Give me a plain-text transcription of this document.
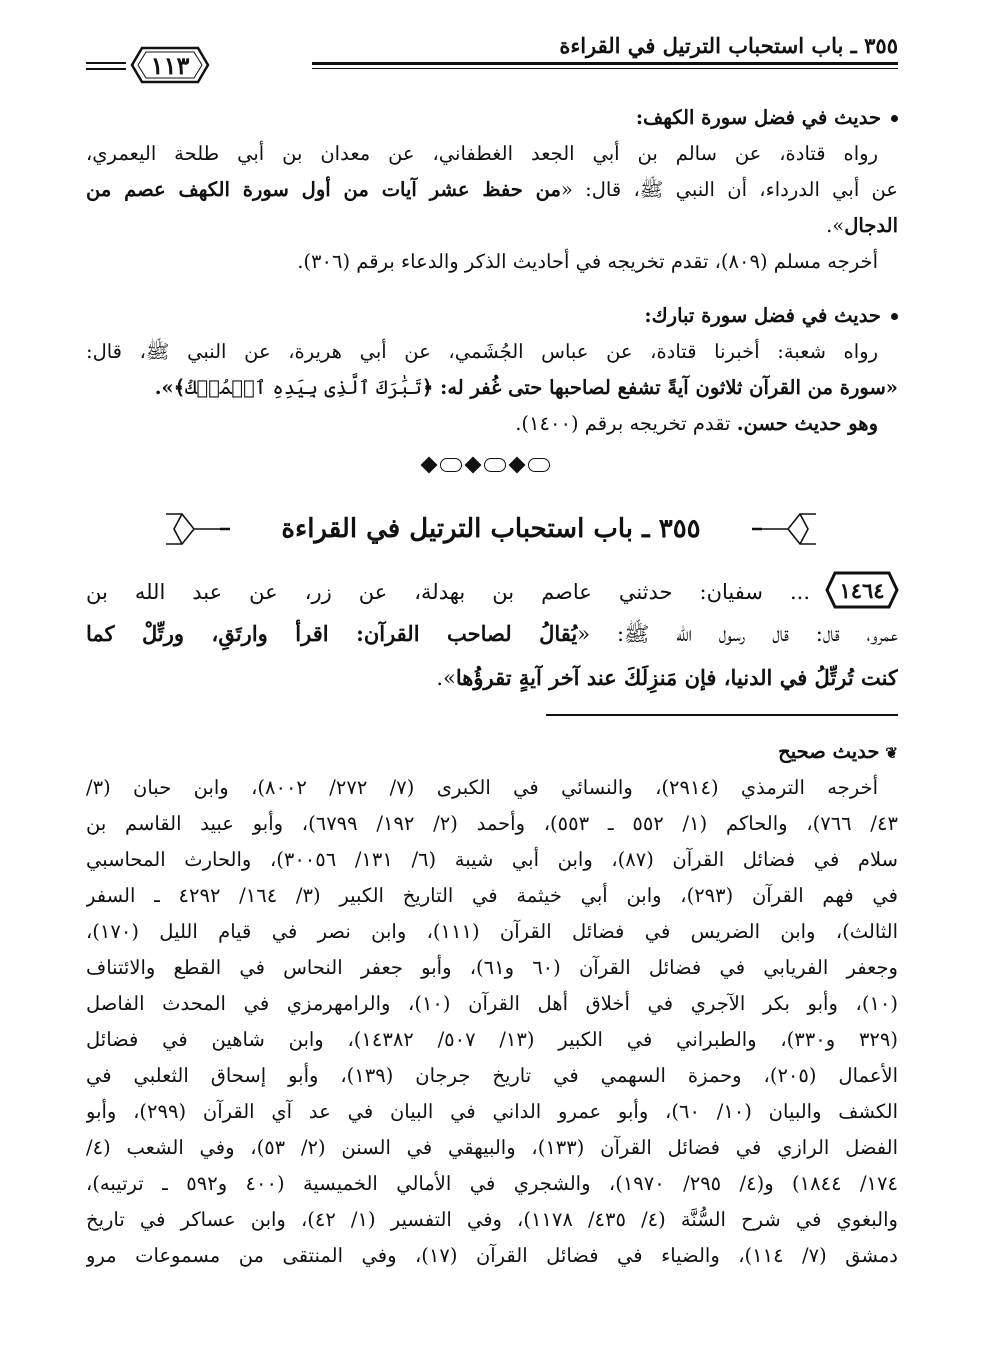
٣٥٥ ـ باب استحباب الترتيل في القراءة
١١٣
حديث في فضل سورة الكهف:
رواه قتادة، عن سالم بن أبي الجعد الغطفاني، عن معدان بن أبي طلحة اليعمري،
عن أبي الدرداء، أن النبي ﷺ، قال: «من حفظ عشر آيات من أول سورة الكهف عصم من
الدجال».
أخرجه مسلم (٨٠٩)، تقدم تخريجه في أحاديث الذكر والدعاء برقم (٣٠٦).
حديث في فضل سورة تبارك:
رواه شعبة: أخبرنا قتادة، عن عباس الجُشَمي، عن أبي هريرة، عن النبي ﷺ، قال:
«سورة من القرآن ثلاثون آيةً تشفع لصاحبها حتى غُفر له: ﴿تَبَٰرَكَ ٱلَّذِى بِيَدِهِ ٱلۡمُلۡكُ﴾».
وهو حديث حسن. تقدم تخريجه برقم (١٤٠٠).
٣٥٥ ـ باب استحباب الترتيل في القراءة
١٤٦٤
... سفيان: حدثني عاصم بن بهدلة، عن زر، عن عبد الله بن
عمرو، قال: قال رسول الله ﷺ: «يُقالُ لصاحب القرآن: اقرأ وارتَقِ، ورتِّلْ كما
كنت تُرتِّلُ في الدنيا، فإن مَنزِلَكَ عند آخر آيةٍ تقرؤُها».
❦حديث صحيح
أخرجه الترمذي (٢٩١٤)، والنسائي في الكبرى (٧/ ٢٧٢/ ٨٠٠٢)، وابن حبان (٣/
٤٣/ ٧٦٦)، والحاكم (١/ ٥٥٢ ـ ٥٥٣)، وأحمد (٢/ ١٩٢/ ٦٧٩٩)، وأبو عبيد القاسم بن
سلام في فضائل القرآن (٨٧)، وابن أبي شيبة (٦/ ١٣١/ ٣٠٠٥٦)، والحارث المحاسبي
في فهم القرآن (٢٩٣)، وابن أبي خيثمة في التاريخ الكبير (٣/ ١٦٤/ ٤٢٩٢ ـ السفر
الثالث)، وابن الضريس في فضائل القرآن (١١١)، وابن نصر في قيام الليل (١٧٠)،
وجعفر الفريابي في فضائل القرآن (٦٠ و٦١)، وأبو جعفر النحاس في القطع والائتناف
(١٠)، وأبو بكر الآجري في أخلاق أهل القرآن (١٠)، والرامهرمزي في المحدث الفاصل
(٣٢٩ و٣٣٠)، والطبراني في الكبير (١٣/ ٥٠٧/ ١٤٣٨٢)، وابن شاهين في فضائل
الأعمال (٢٠٥)، وحمزة السهمي في تاريخ جرجان (١٣٩)، وأبو إسحاق الثعلبي في
الكشف والبيان (١٠/ ٦٠)، وأبو عمرو الداني في البيان في عد آي القرآن (٢٩٩)، وأبو
الفضل الرازي في فضائل القرآن (١٣٣)، والبيهقي في السنن (٢/ ٥٣)، وفي الشعب (٤/
١٧٤/ ١٨٤٤) و(٤/ ٢٩٥/ ١٩٧٠)، والشجري في الأمالي الخميسية (٤٠٠ و٥٩٢ ـ ترتيبه)،
والبغوي في شرح السُّنَّة (٤/ ٤٣٥/ ١١٧٨)، وفي التفسير (١/ ٤٢)، وابن عساكر في تاريخ
دمشق (٧/ ١١٤)، والضياء في فضائل القرآن (١٧)، وفي المنتقى من مسموعات مرو
